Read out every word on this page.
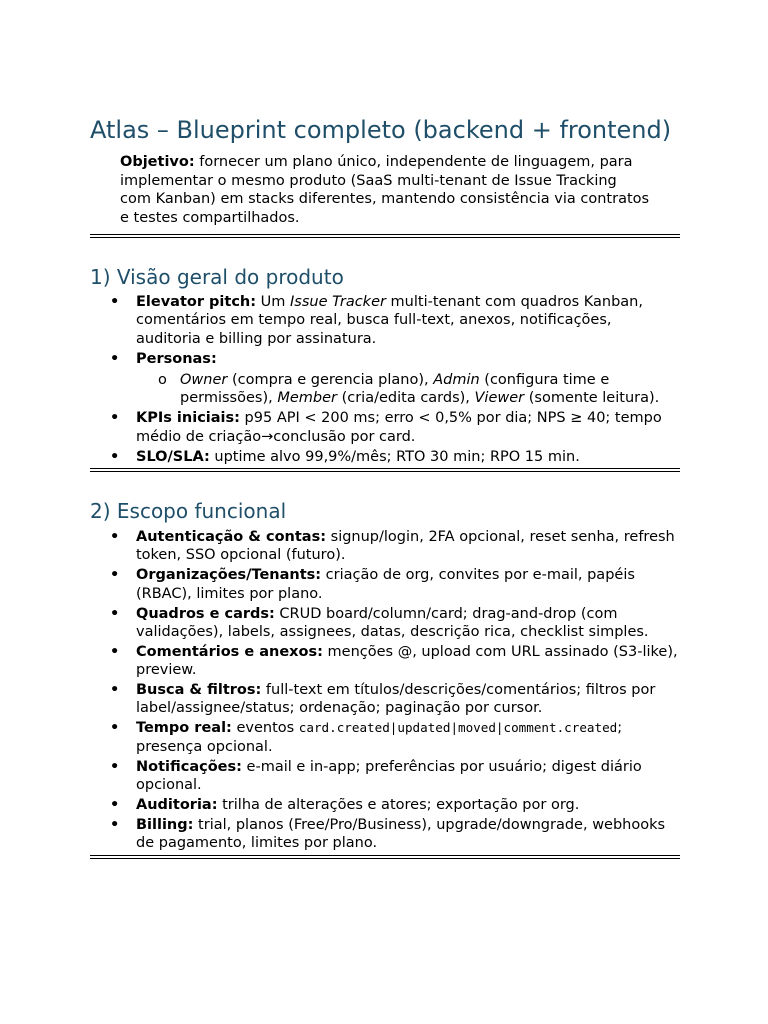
Atlas – Blueprint completo (backend + frontend)

Objetivo: fornecer um plano único, independente de linguagem, para implementar o mesmo produto (SaaS multi-tenant de Issue Tracking com Kanban) em stacks diferentes, mantendo consistência via contratos e testes compartilhados.

1) Visão geral do produto
• Elevator pitch: Um Issue Tracker multi-tenant com quadros Kanban, comentários em tempo real, busca full-text, anexos, notificações, auditoria e billing por assinatura.
• Personas:
o Owner (compra e gerencia plano), Admin (configura time e permissões), Member (cria/edita cards), Viewer (somente leitura).
• KPIs iniciais: p95 API < 200 ms; erro < 0,5% por dia; NPS ≥ 40; tempo médio de criação→conclusão por card.
• SLO/SLA: uptime alvo 99,9%/mês; RTO 30 min; RPO 15 min.
2) Escopo funcional
• Autenticação & contas: signup/login, 2FA opcional, reset senha, refresh token, SSO opcional (futuro).
• Organizações/Tenants: criação de org, convites por e-mail, papéis (RBAC), limites por plano.
• Quadros e cards: CRUD board/column/card; drag-and-drop (com validações), labels, assignees, datas, descrição rica, checklist simples.
• Comentários e anexos: menções @, upload com URL assinado (S3-like), preview.
• Busca & filtros: full-text em títulos/descrições/comentários; filtros por label/assignee/status; ordenação; paginação por cursor.
• Tempo real: eventos card.created|updated|moved|comment.created; presença opcional.
• Notificações: e-mail e in-app; preferências por usuário; digest diário opcional.
• Auditoria: trilha de alterações e atores; exportação por org.
• Billing: trial, planos (Free/Pro/Business), upgrade/downgrade, webhooks de pagamento, limites por plano.
